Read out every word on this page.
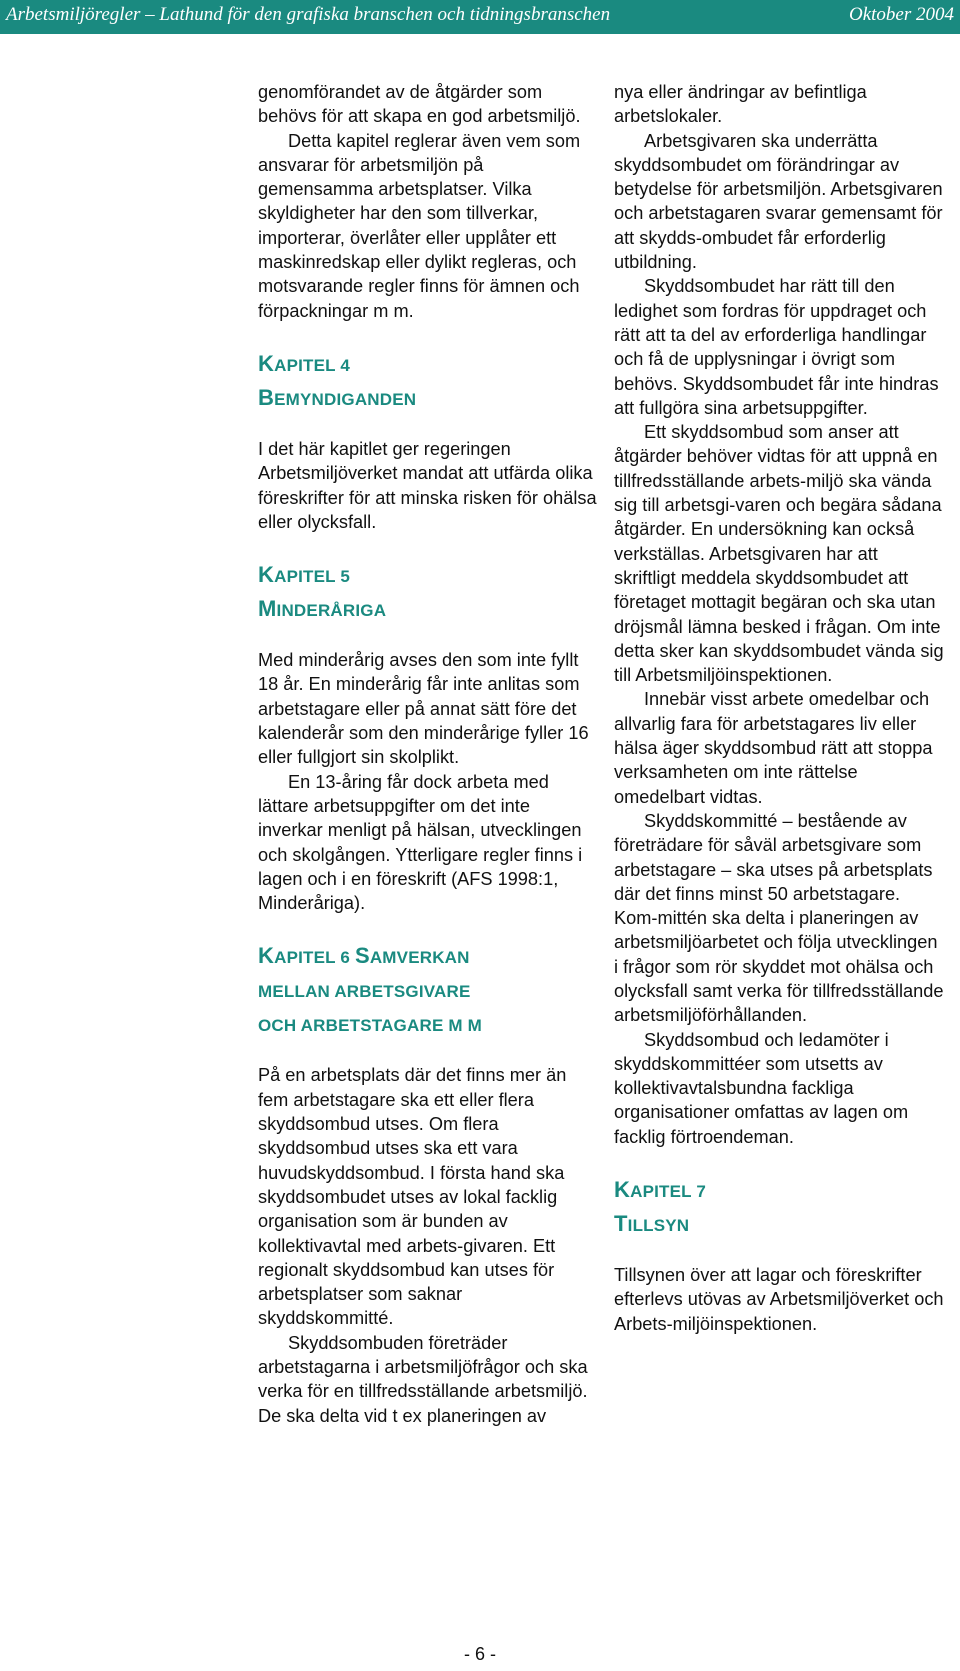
Arbetsmiljöregler – Lathund för den grafiska branschen och tidningsbranschen	Oktober 2004

genomförandet av de åtgärder som behövs för att skapa en god arbetsmiljö.

Detta kapitel reglerar även vem som ansvarar för arbetsmiljön på gemensamma arbetsplatser. Vilka skyldigheter har den som tillverkar, importerar, överlåter eller upplåter ett maskinredskap eller dylikt regleras, och motsvarande regler finns för ämnen och förpackningar m m.

KAPITEL 4
BEMYNDIGANDEN

I det här kapitlet ger regeringen Arbetsmiljöverket mandat att utfärda olika föreskrifter för att minska risken för ohälsa eller olycksfall.

KAPITEL 5
MINDERÅRIGA

Med minderårig avses den som inte fyllt 18 år. En minderårig får inte anlitas som arbetstagare eller på annat sätt före det kalenderår som den minderårige fyller 16 eller fullgjort sin skolplikt.

En 13-åring får dock arbeta med lättare arbetsuppgifter om det inte inverkar menligt på hälsan, utvecklingen och skolgången. Ytterligare regler finns i lagen och i en föreskrift (AFS 1998:1, Minderåriga).

KAPITEL 6 SAMVERKAN
MELLAN ARBETSGIVARE
OCH ARBETSTAGARE M M

På en arbetsplats där det finns mer än fem arbetstagare ska ett eller flera skyddsombud utses. Om flera skyddsombud utses ska ett vara huvudskyddsombud. I första hand ska skyddsombudet utses av lokal facklig organisation som är bunden av kollektivavtal med arbets-givaren. Ett regionalt skyddsombud kan utses för arbetsplatser som saknar skyddskommitté.

Skyddsombuden företräder arbetstagarna i arbetsmiljöfrågor och ska verka för en tillfredsställande arbetsmiljö. De ska delta vid t ex planeringen av

nya eller ändringar av befintliga arbetslokaler.

Arbetsgivaren ska underrätta skyddsombudet om förändringar av betydelse för arbetsmiljön. Arbetsgivaren och arbetstagaren svarar gemensamt för att skydds-ombudet får erforderlig utbildning.

Skyddsombudet har rätt till den ledighet som fordras för uppdraget och rätt att ta del av erforderliga handlingar och få de upplysningar i övrigt som behövs. Skyddsombudet får inte hindras att fullgöra sina arbetsuppgifter.

Ett skyddsombud som anser att åtgärder behöver vidtas för att uppnå en tillfredsställande arbets-miljö ska vända sig till arbetsgi-varen och begära sådana åtgärder. En undersökning kan också verkställas. Arbetsgivaren har att skriftligt meddela skyddsombudet att företaget mottagit begäran och ska utan dröjsmål lämna besked i frågan. Om inte detta sker kan skyddsombudet vända sig till Arbetsmiljöinspektionen.

Innebär visst arbete omedelbar och allvarlig fara för arbetstagares liv eller hälsa äger skyddsombud rätt att stoppa verksamheten om inte rättelse omedelbart vidtas.

Skyddskommitté – bestående av företrädare för såväl arbetsgivare som arbetstagare – ska utses på arbetsplats där det finns minst 50 arbetstagare. Kom-mittén ska delta i planeringen av arbetsmiljöarbetet och följa utvecklingen i frågor som rör skyddet mot ohälsa och olycksfall samt verka för tillfredsställande arbetsmiljöförhållanden.

Skyddsombud och ledamöter i skyddskommittéer som utsetts av kollektivavtalsbundna fackliga organisationer omfattas av lagen om facklig förtroendeman.

KAPITEL 7
TILLSYN

Tillsynen över att lagar och föreskrifter efterlevs utövas av Arbetsmiljöverket och Arbets-miljöinspektionen.

- 6 -
